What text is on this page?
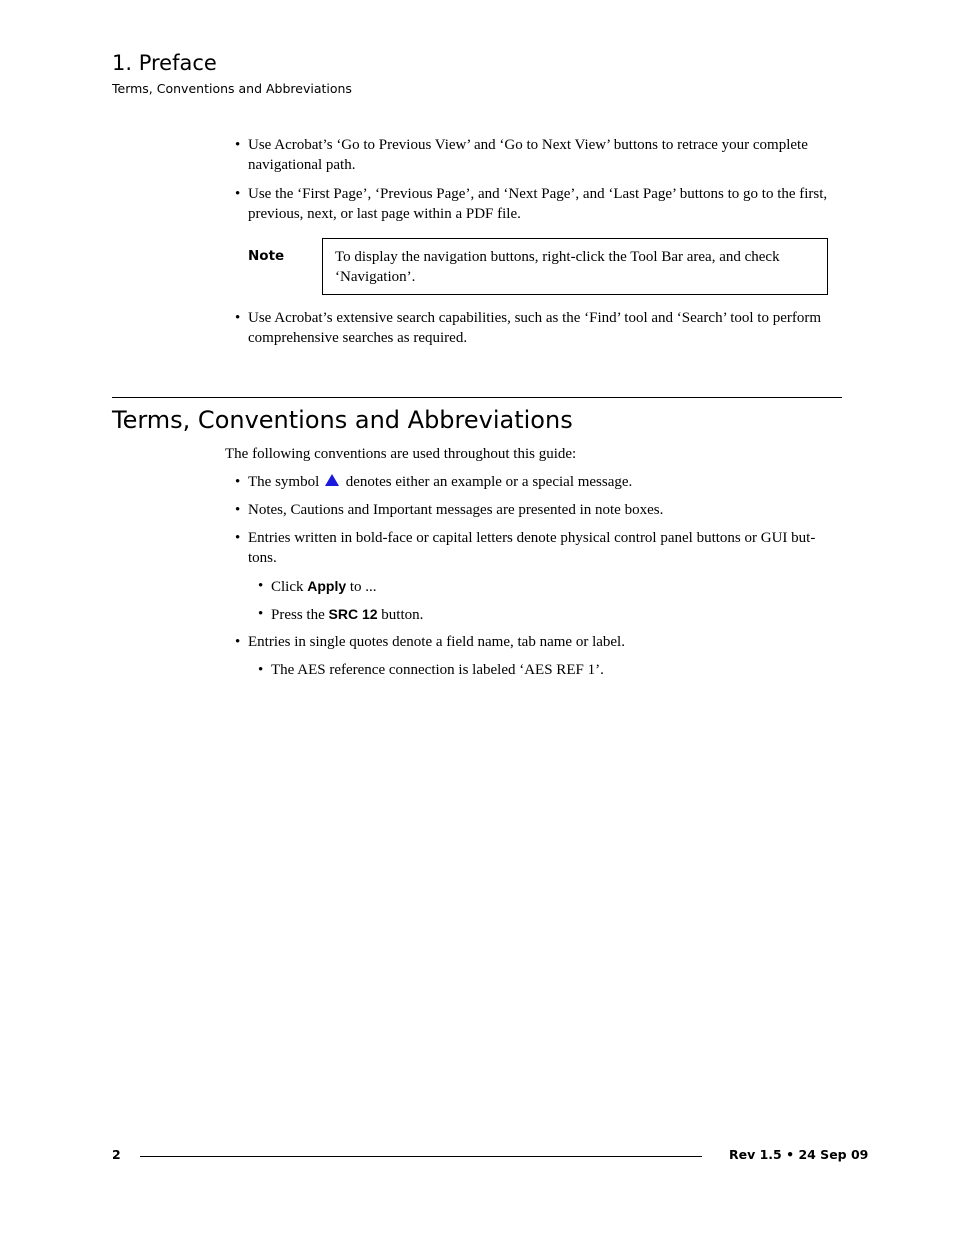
1. Preface
Terms, Conventions and Abbreviations
• Use Acrobat’s ‘Go to Previous View’ and ‘Go to Next View’ buttons to retrace your complete navigational path.
• Use the ‘First Page’, ‘Previous Page’, and ‘Next Page’, and ‘Last Page’ buttons to go to the first, previous, next, or last page within a PDF file.
Note	To display the navigation buttons, right-click the Tool Bar area, and check ‘Navigation’.
• Use Acrobat’s extensive search capabilities, such as the ‘Find’ tool and ‘Search’ tool to perform comprehensive searches as required.
Terms, Conventions and Abbreviations
The following conventions are used throughout this guide:
• The symbol denotes either an example or a special message.
• Notes, Cautions and Important messages are presented in note boxes.
• Entries written in bold-face or capital letters denote physical control panel buttons or GUI but-tons.
• Click Apply to ...
• Press the SRC 12 button.
• Entries in single quotes denote a field name, tab name or label.
• The AES reference connection is labeled ‘AES REF 1’.
2	Rev 1.5 • 24 Sep 09
